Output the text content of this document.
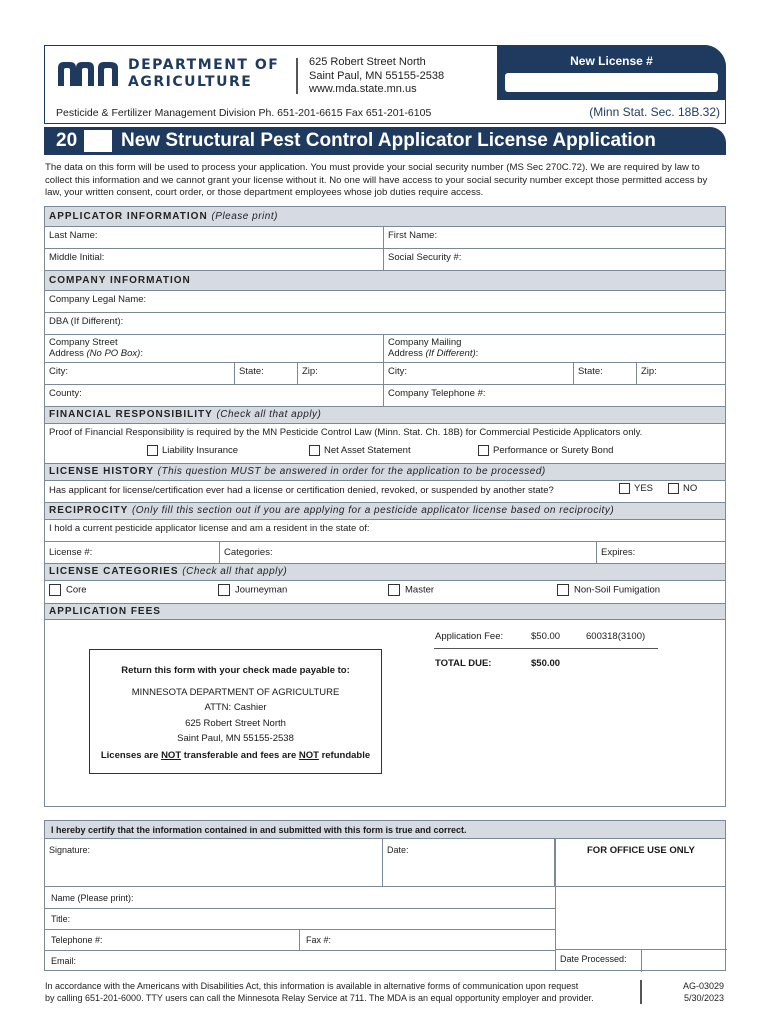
DEPARTMENT OF
AGRICULTURE
625 Robert Street North
Saint Paul, MN 55155-2538
www.mda.state.mn.us
New License #
Pesticide & Fertilizer Management Division Ph. 651-201-6615 Fax 651-201-6105	(Minn Stat. Sec. 18B.32)
20 New Structural Pest Control Applicator License Application
The data on this form will be used to process your application. You must provide your social security number (MS Sec 270C.72). We are required by law to collect this information and we cannot grant your license without it. No one will have access to your social security number except those permitted access by law, your written consent, court order, or those department employees whose job duties require access.
APPLICATOR INFORMATION (Please print)
Last Name:	First Name:
Middle Initial:	Social Security #:
COMPANY INFORMATION
Company Legal Name:
DBA (If Different):
Company Street
Address (No PO Box):
Company Mailing
Address (If Different):
City:	State:	Zip:	City:	State:	Zip:
County:	Company Telephone #:
FINANCIAL RESPONSIBILITY (Check all that apply)
Proof of Financial Responsibility is required by the MN Pesticide Control Law (Minn. Stat. Ch. 18B) for Commercial Pesticide Applicators only.
Liability Insurance	Net Asset Statement	Performance or Surety Bond
LICENSE HISTORY (This question MUST be answered in order for the application to be processed)
Has applicant for license/certification ever had a license or certification denied, revoked, or suspended by another state?	YES	NO
RECIPROCITY (Only fill this section out if you are applying for a pesticide applicator license based on reciprocity)
I hold a current pesticide applicator license and am a resident in the state of:
License #:	Categories:	Expires:
LICENSE CATEGORIES (Check all that apply)
Core	Journeyman	Master	Non-Soil Fumigation
APPLICATION FEES
Application Fee:	$50.00	600318(3100)
TOTAL DUE:	$50.00
Return this form with your check made payable to:
MINNESOTA DEPARTMENT OF AGRICULTURE
ATTN: Cashier
625 Robert Street North
Saint Paul, MN 55155-2538
Licenses are NOT transferable and fees are NOT refundable
I hereby certify that the information contained in and submitted with this form is true and correct.
Signature:	Date:	FOR OFFICE USE ONLY
Name (Please print):
Title:
Telephone #:	Fax #:
Email:	Date Processed:
In accordance with the Americans with Disabilities Act, this information is available in alternative forms of communication upon request
by calling 651-201-6000. TTY users can call the Minnesota Relay Service at 711. The MDA is an equal opportunity employer and provider.
AG-03029
5/30/2023
